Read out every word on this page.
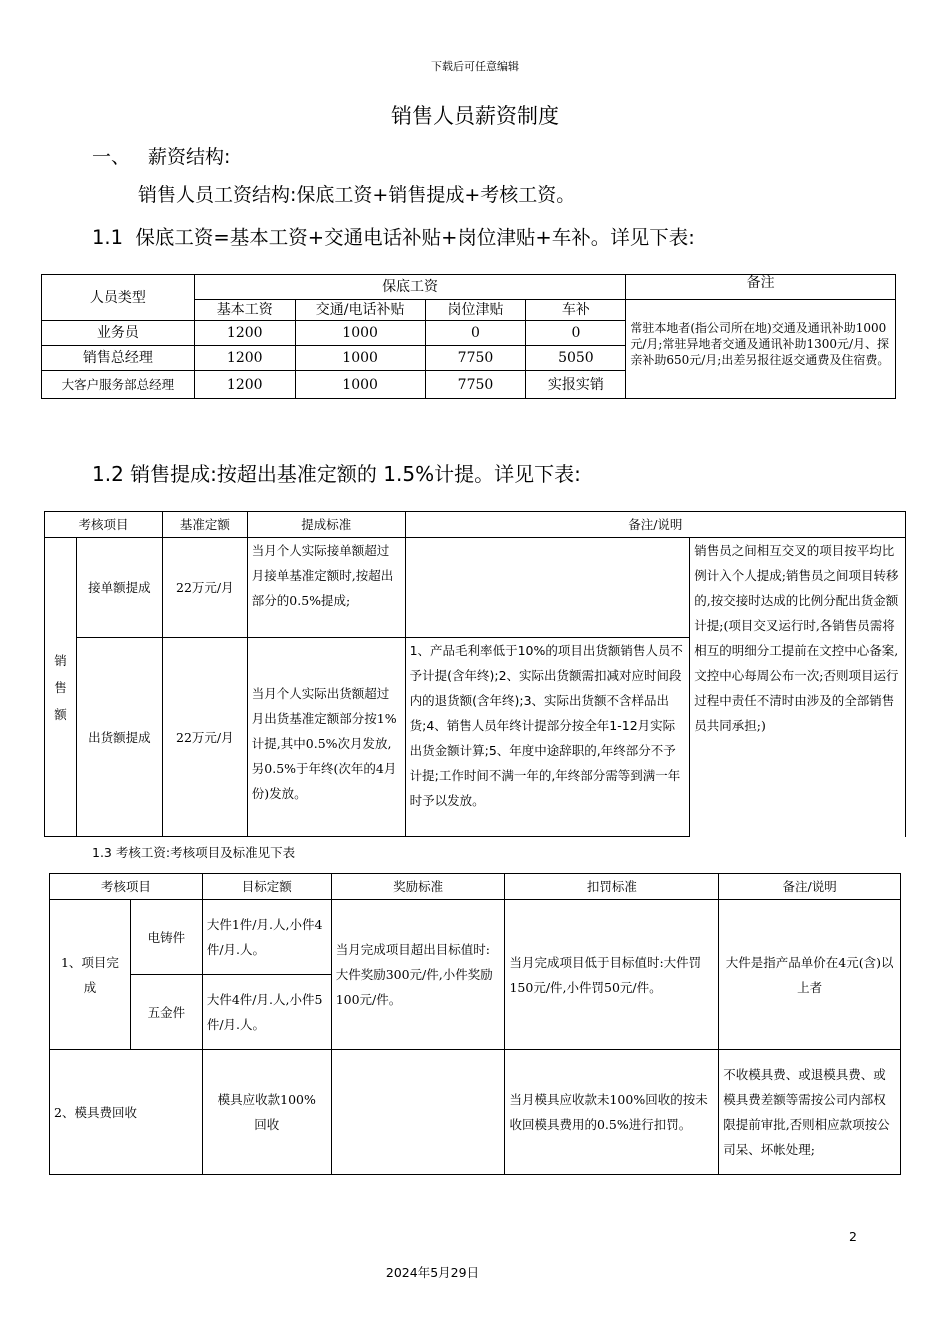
下载后可任意编辑
销售人员薪资制度
一、 薪资结构:
销售人员工资结构:保底工资+销售提成+考核工资。
1.1  保底工资=基本工资+交通电话补贴+岗位津贴+车补。详见下表:
人员类型	保底工资				备注
	基本工资	交通/电话补贴	岗位津贴	车补	常驻本地者(指公司所在地)交通及通讯补助1000元/月;常驻异地者交通及通讯补助1300元/月、探亲补助650元/月;出差另报往返交通费及住宿费。
业务员	1200	1000	0	0	
销售总经理	1200	1000	7750	5050	
大客户服务部总经理	1200	1000	7750	实报实销	
1.2 销售提成:按超出基准定额的 1.5%计提。详见下表:
考核项目		基准定额	提成标准	备注/说明	
销售额	接单额提成	22万元/月	当月个人实际接单额超过月接单基准定额时,按超出部分的0.5%提成;		销售员之间相互交叉的项目按平均比例计入个人提成;销售员之间项目转移的,按交接时达成的比例分配出货金额计提;(项目交叉运行时,各销售员需将相互的明细分工提前在文控中心备案,文控中心每周公布一次;否则项目运行过程中责任不清时由涉及的全部销售员共同承担;)
	出货额提成	22万元/月	当月个人实际出货额超过月出货基准定额部分按1%计提,其中0.5%次月发放,另0.5%于年终(次年的4月份)发放。	1、产品毛利率低于10%的项目出货额销售人员不予计提(含年终);2、实际出货额需扣减对应时间段内的退货额(含年终);3、实际出货额不含样品出货;4、销售人员年终计提部分按全年1-12月实际出货金额计算;5、年度中途辞职的,年终部分不予计提;工作时间不满一年的,年终部分需等到满一年时予以发放。	
1.3 考核工资:考核项目及标准见下表
考核项目		目标定额	奖励标准	扣罚标准	备注/说明
1、项目完成	电铸件	大件1件/月.人,小件4件/月.人。	当月完成项目超出目标值时:大件奖励300元/件,小件奖励100元/件。	当月完成项目低于目标值时:大件罚150元/件,小件罚50元/件。	大件是指产品单价在4元(含)以上者
	五金件	大件4件/月.人,小件5件/月.人。			
2、模具费回收		模具应收款100%回收		当月模具应收款未100%回收的按未收回模具费用的0.5%进行扣罚。	不收模具费、或退模具费、或模具费差额等需按公司内部权限提前审批,否则相应款项按公司呆、坏帐处理;
2
2024年5月29日
